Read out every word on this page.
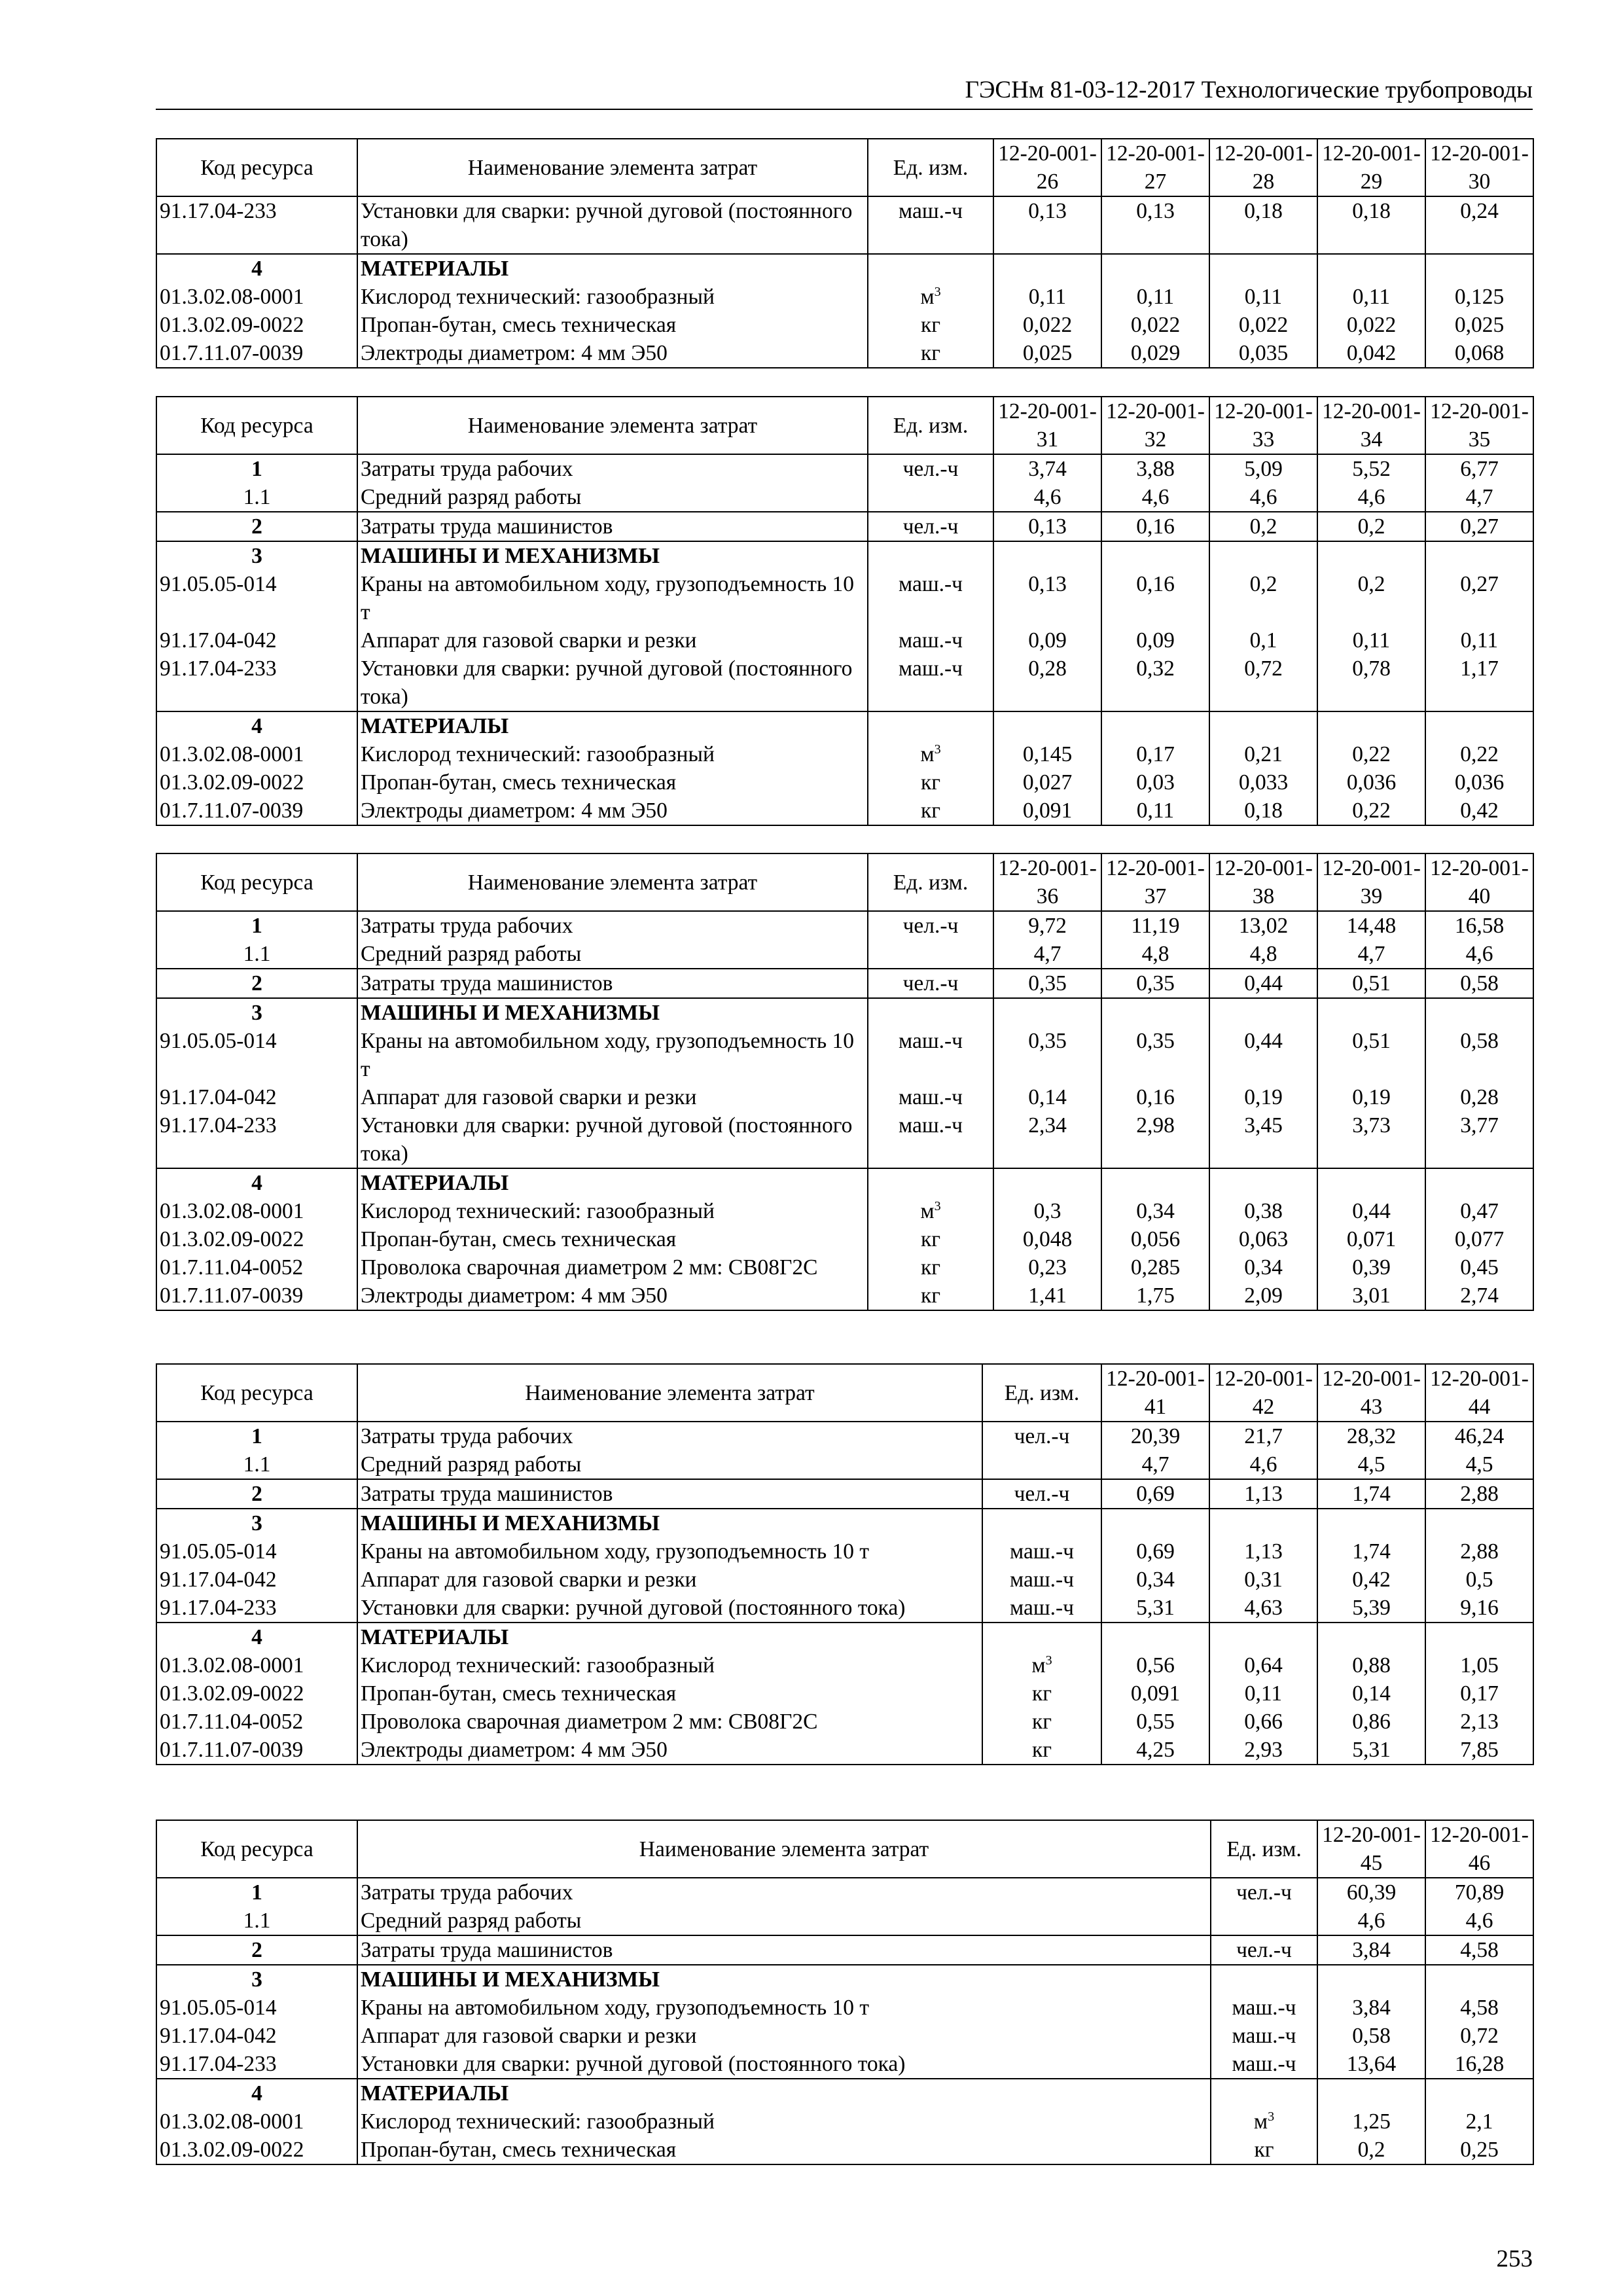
ГЭСНм 81-03-12-2017 Технологические трубопроводы
Код ресурса	Наименование элемента затрат	Ед. изм.	12-20-001-26	12-20-001-27	12-20-001-28	12-20-001-29	12-20-001-30
91.17.04-233	Установки для сварки: ручной дуговой (постоянного тока)	маш.-ч	0,13	0,13	0,18	0,18	0,24
4	МАТЕРИАЛЫ						
01.3.02.08-0001	Кислород технический: газообразный	$м^3$	0,11	0,11	0,11	0,11	0,125
01.3.02.09-0022	Пропан-бутан, смесь техническая	кг	0,022	0,022	0,022	0,022	0,025
01.7.11.07-0039	Электроды диаметром: 4 мм Э50	кг	0,025	0,029	0,035	0,042	0,068
Код ресурса	Наименование элемента затрат	Ед. изм.	12-20-001-31	12-20-001-32	12-20-001-33	12-20-001-34	12-20-001-35
1	Затраты труда рабочих	чел.-ч	3,74	3,88	5,09	5,52	6,77
1.1	Средний разряд работы		4,6	4,6	4,6	4,6	4,7
2	Затраты труда машинистов	чел.-ч	0,13	0,16	0,2	0,2	0,27
3	МАШИНЫ И МЕХАНИЗМЫ						
91.05.05-014	Краны на автомобильном ходу, грузоподъемность 10 т	маш.-ч	0,13	0,16	0,2	0,2	0,27
91.17.04-042	Аппарат для газовой сварки и резки	маш.-ч	0,09	0,09	0,1	0,11	0,11
91.17.04-233	Установки для сварки: ручной дуговой (постоянного тока)	маш.-ч	0,28	0,32	0,72	0,78	1,17
4	МАТЕРИАЛЫ						
01.3.02.08-0001	Кислород технический: газообразный	$м^3$	0,145	0,17	0,21	0,22	0,22
01.3.02.09-0022	Пропан-бутан, смесь техническая	кг	0,027	0,03	0,033	0,036	0,036
01.7.11.07-0039	Электроды диаметром: 4 мм Э50	кг	0,091	0,11	0,18	0,22	0,42
Код ресурса	Наименование элемента затрат	Ед. изм.	12-20-001-36	12-20-001-37	12-20-001-38	12-20-001-39	12-20-001-40
1	Затраты труда рабочих	чел.-ч	9,72	11,19	13,02	14,48	16,58
1.1	Средний разряд работы		4,7	4,8	4,8	4,7	4,6
2	Затраты труда машинистов	чел.-ч	0,35	0,35	0,44	0,51	0,58
3	МАШИНЫ И МЕХАНИЗМЫ						
91.05.05-014	Краны на автомобильном ходу, грузоподъемность 10 т	маш.-ч	0,35	0,35	0,44	0,51	0,58
91.17.04-042	Аппарат для газовой сварки и резки	маш.-ч	0,14	0,16	0,19	0,19	0,28
91.17.04-233	Установки для сварки: ручной дуговой (постоянного тока)	маш.-ч	2,34	2,98	3,45	3,73	3,77
4	МАТЕРИАЛЫ						
01.3.02.08-0001	Кислород технический: газообразный	$м^3$	0,3	0,34	0,38	0,44	0,47
01.3.02.09-0022	Пропан-бутан, смесь техническая	кг	0,048	0,056	0,063	0,071	0,077
01.7.11.04-0052	Проволока сварочная диаметром 2 мм: СВ08Г2С	кг	0,23	0,285	0,34	0,39	0,45
01.7.11.07-0039	Электроды диаметром: 4 мм Э50	кг	1,41	1,75	2,09	3,01	2,74
Код ресурса	Наименование элемента затрат	Ед. изм.	12-20-001-41	12-20-001-42	12-20-001-43	12-20-001-44
1	Затраты труда рабочих	чел.-ч	20,39	21,7	28,32	46,24
1.1	Средний разряд работы		4,7	4,6	4,5	4,5
2	Затраты труда машинистов	чел.-ч	0,69	1,13	1,74	2,88
3	МАШИНЫ И МЕХАНИЗМЫ					
91.05.05-014	Краны на автомобильном ходу, грузоподъемность 10 т	маш.-ч	0,69	1,13	1,74	2,88
91.17.04-042	Аппарат для газовой сварки и резки	маш.-ч	0,34	0,31	0,42	0,5
91.17.04-233	Установки для сварки: ручной дуговой (постоянного тока)	маш.-ч	5,31	4,63	5,39	9,16
4	МАТЕРИАЛЫ					
01.3.02.08-0001	Кислород технический: газообразный	$м^3$	0,56	0,64	0,88	1,05
01.3.02.09-0022	Пропан-бутан, смесь техническая	кг	0,091	0,11	0,14	0,17
01.7.11.04-0052	Проволока сварочная диаметром 2 мм: СВ08Г2С	кг	0,55	0,66	0,86	2,13
01.7.11.07-0039	Электроды диаметром: 4 мм Э50	кг	4,25	2,93	5,31	7,85
Код ресурса	Наименование элемента затрат	Ед. изм.	12-20-001-45	12-20-001-46
1	Затраты труда рабочих	чел.-ч	60,39	70,89
1.1	Средний разряд работы		4,6	4,6
2	Затраты труда машинистов	чел.-ч	3,84	4,58
3	МАШИНЫ И МЕХАНИЗМЫ			
91.05.05-014	Краны на автомобильном ходу, грузоподъемность 10 т	маш.-ч	3,84	4,58
91.17.04-042	Аппарат для газовой сварки и резки	маш.-ч	0,58	0,72
91.17.04-233	Установки для сварки: ручной дуговой (постоянного тока)	маш.-ч	13,64	16,28
4	МАТЕРИАЛЫ			
01.3.02.08-0001	Кислород технический: газообразный	$м^3$	1,25	2,1
01.3.02.09-0022	Пропан-бутан, смесь техническая	кг	0,2	0,25
253
